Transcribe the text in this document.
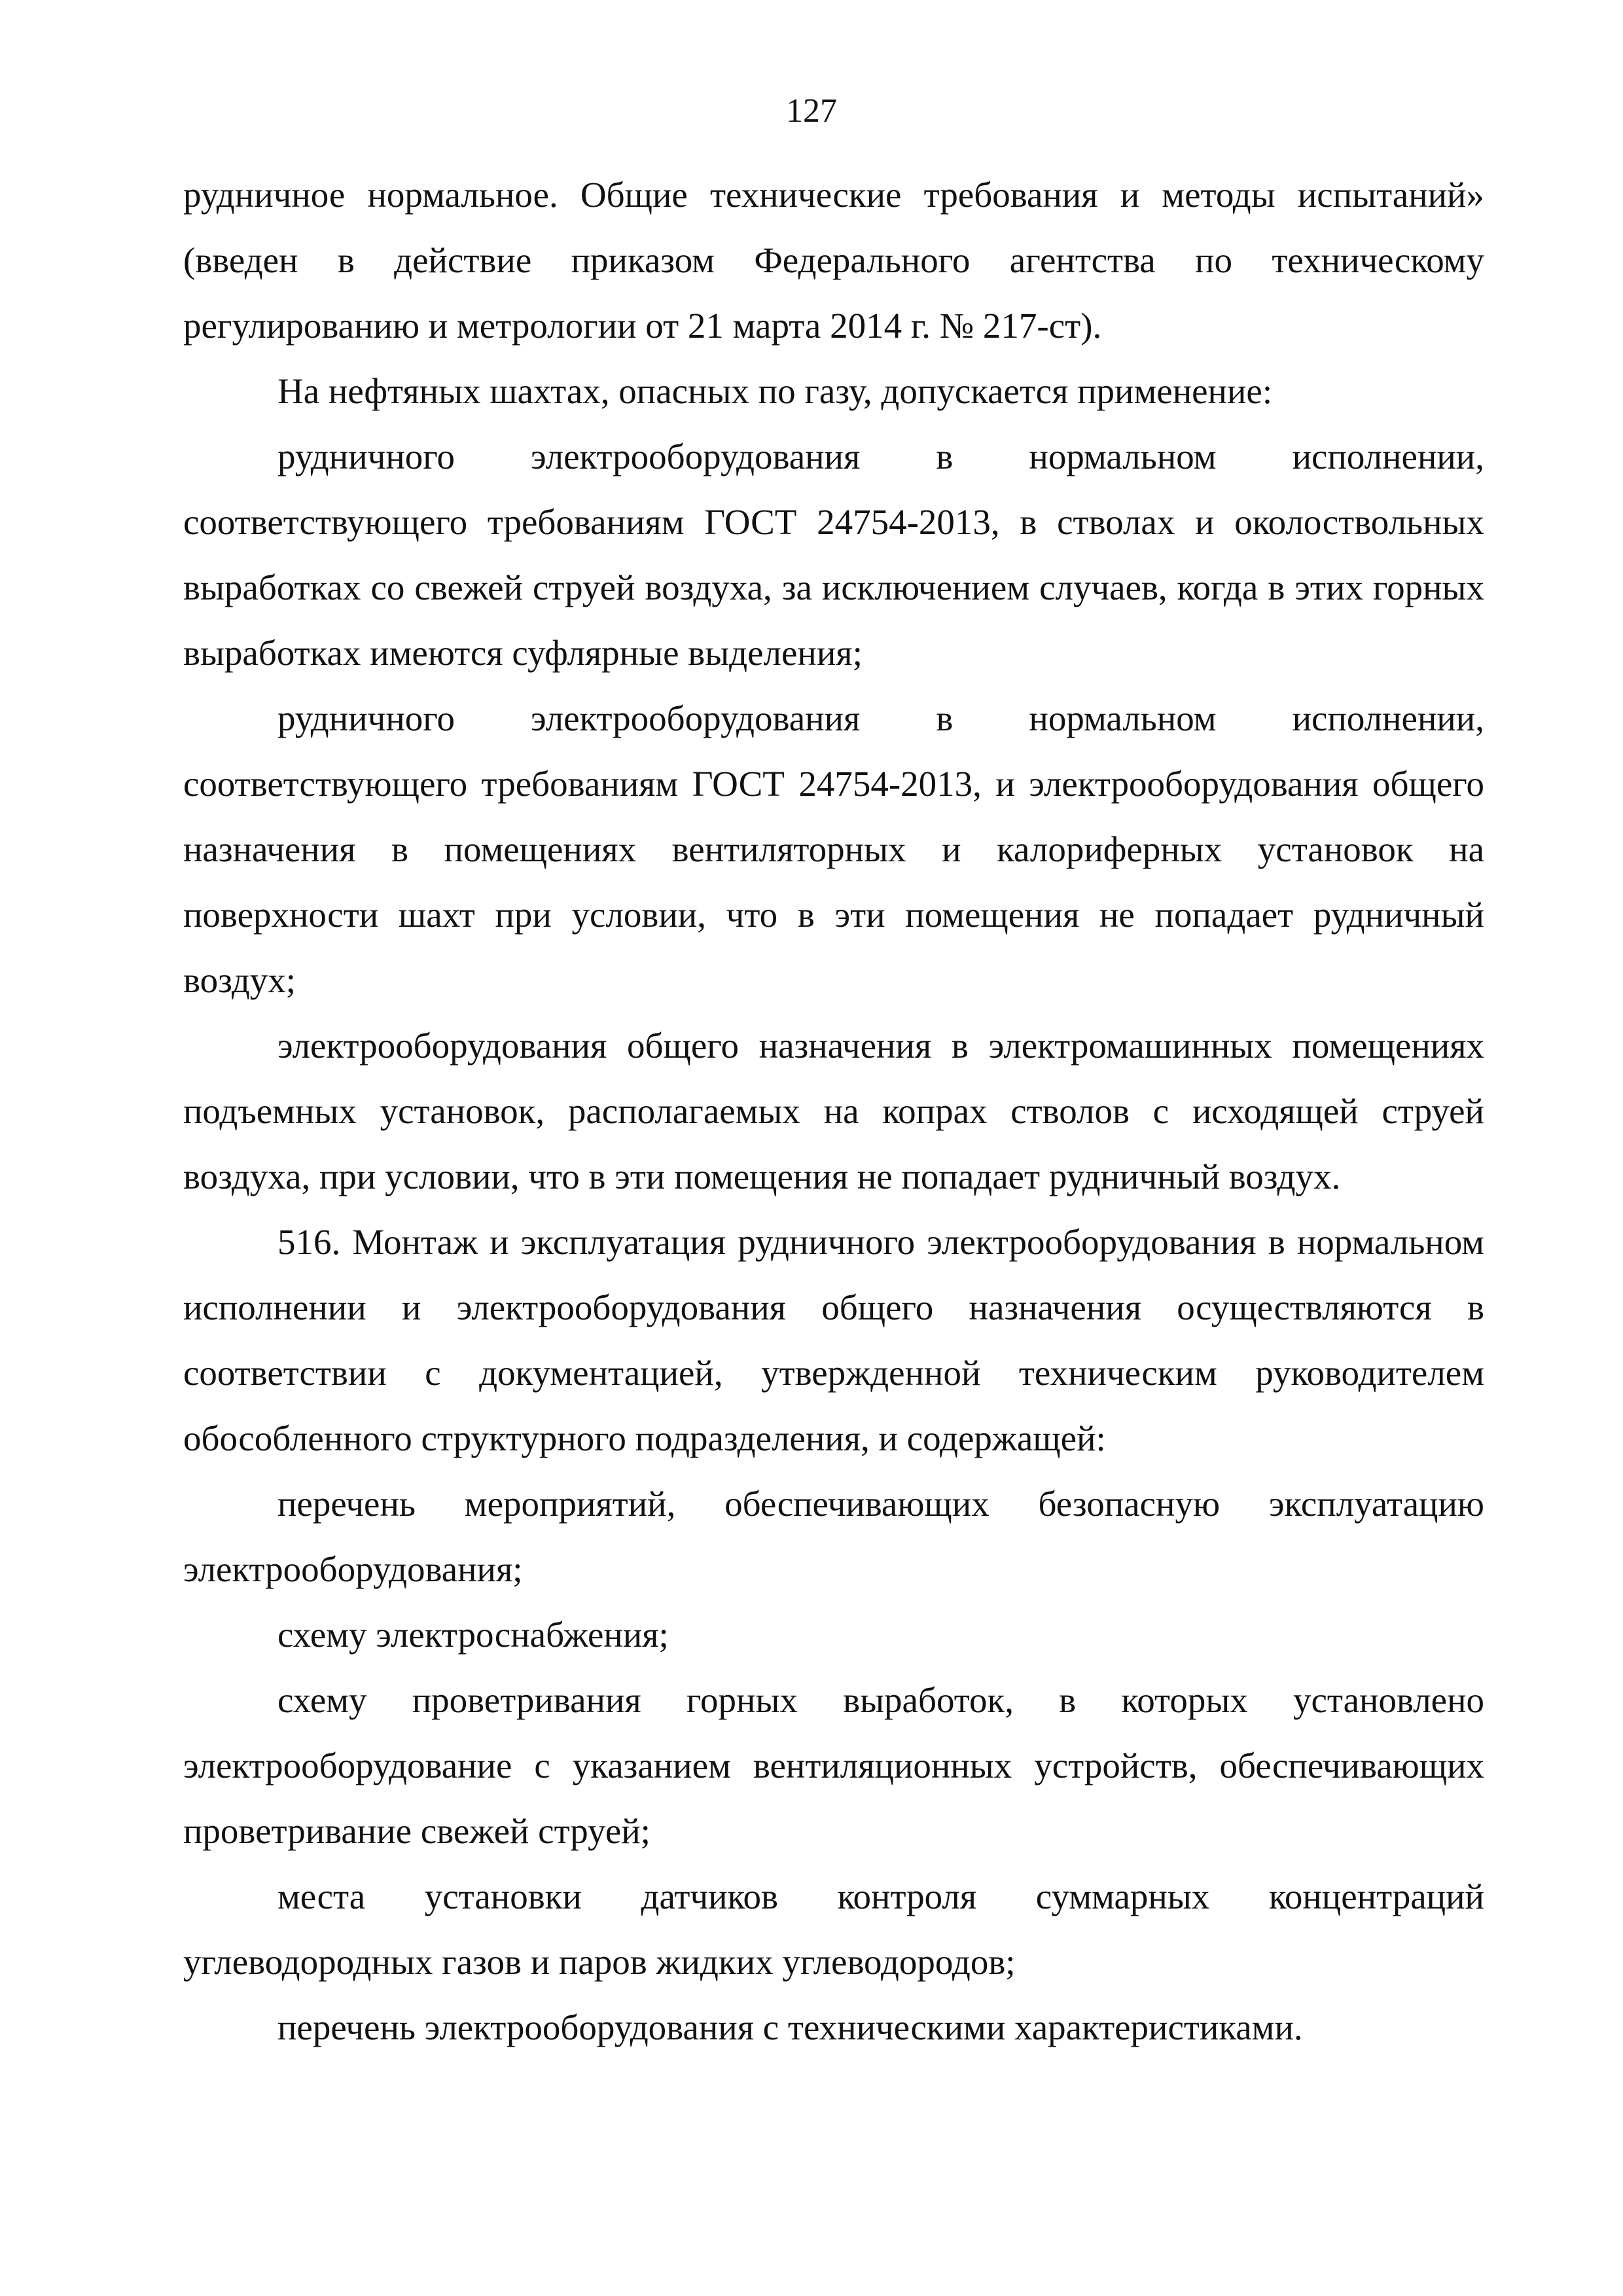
127

рудничное нормальное. Общие технические требования и методы испытаний» (введен в действие приказом Федерального агентства по техническому регулированию и метрологии от 21 марта 2014 г. № 217-ст).

На нефтяных шахтах, опасных по газу, допускается применение:

рудничного электрооборудования в нормальном исполнении, соответствующего требованиям ГОСТ 24754-2013, в стволах и околоствольных выработках со свежей струей воздуха, за исключением случаев, когда в этих горных выработках имеются суфлярные выделения;

рудничного электрооборудования в нормальном исполнении, соответствующего требованиям ГОСТ 24754-2013, и электрооборудования общего назначения в помещениях вентиляторных и калориферных установок на поверхности шахт при условии, что в эти помещения не попадает рудничный воздух;

электрооборудования общего назначения в электромашинных помещениях подъемных установок, располагаемых на копрах стволов с исходящей струей воздуха, при условии, что в эти помещения не попадает рудничный воздух.

516. Монтаж и эксплуатация рудничного электрооборудования в нормальном исполнении и электрооборудования общего назначения осуществляются в соответствии с документацией, утвержденной техническим руководителем обособленного структурного подразделения, и содержащей:

перечень мероприятий, обеспечивающих безопасную эксплуатацию электрооборудования;

схему электроснабжения;

схему проветривания горных выработок, в которых установлено электрооборудование с указанием вентиляционных устройств, обеспечивающих проветривание свежей струей;

места установки датчиков контроля суммарных концентраций углеводородных газов и паров жидких углеводородов;

перечень электрооборудования с техническими характеристиками.
